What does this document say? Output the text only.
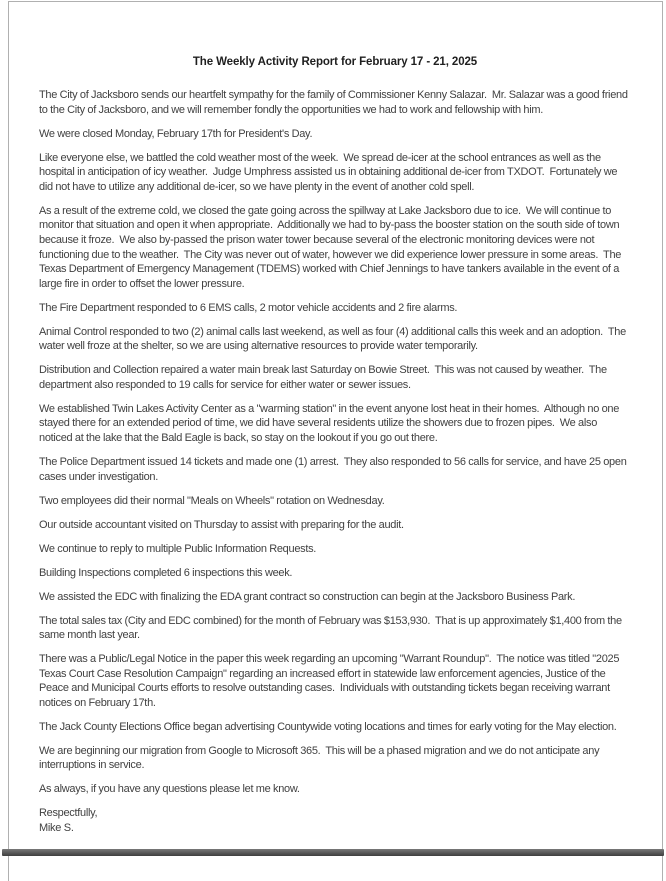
The Weekly Activity Report for February 17 - 21, 2025

The City of Jacksboro sends our heartfelt sympathy for the family of Commissioner Kenny Salazar.  Mr. Salazar was a good friend to the City of Jacksboro, and we will remember fondly the opportunities we had to work and fellowship with him.

We were closed Monday, February 17th for President's Day.

Like everyone else, we battled the cold weather most of the week.  We spread de-icer at the school entrances as well as the hospital in anticipation of icy weather.  Judge Umphress assisted us in obtaining additional de-icer from TXDOT.  Fortunately we did not have to utilize any additional de-icer, so we have plenty in the event of another cold spell.

As a result of the extreme cold, we closed the gate going across the spillway at Lake Jacksboro due to ice.  We will continue to monitor that situation and open it when appropriate.  Additionally we had to by-pass the booster station on the south side of town because it froze.  We also by-passed the prison water tower because several of the electronic monitoring devices were not functioning due to the weather.  The City was never out of water, however we did experience lower pressure in some areas.  The Texas Department of Emergency Management (TDEMS) worked with Chief Jennings to have tankers available in the event of a large fire in order to offset the lower pressure.

The Fire Department responded to 6 EMS calls, 2 motor vehicle accidents and 2 fire alarms.

Animal Control responded to two (2) animal calls last weekend, as well as four (4) additional calls this week and an adoption.  The water well froze at the shelter, so we are using alternative resources to provide water temporarily.

Distribution and Collection repaired a water main break last Saturday on Bowie Street.  This was not caused by weather.  The department also responded to 19 calls for service for either water or sewer issues.

We established Twin Lakes Activity Center as a "warming station" in the event anyone lost heat in their homes.  Although no one stayed there for an extended period of time, we did have several residents utilize the showers due to frozen pipes.  We also noticed at the lake that the Bald Eagle is back, so stay on the lookout if you go out there.

The Police Department issued 14 tickets and made one (1) arrest.  They also responded to 56 calls for service, and have 25 open cases under investigation.

Two employees did their normal "Meals on Wheels" rotation on Wednesday.

Our outside accountant visited on Thursday to assist with preparing for the audit.

We continue to reply to multiple Public Information Requests.

Building Inspections completed 6 inspections this week.

We assisted the EDC with finalizing the EDA grant contract so construction can begin at the Jacksboro Business Park.

The total sales tax (City and EDC combined) for the month of February was $153,930.  That is up approximately $1,400 from the same month last year.

There was a Public/Legal Notice in the paper this week regarding an upcoming "Warrant Roundup".  The notice was titled "2025 Texas Court Case Resolution Campaign" regarding an increased effort in statewide law enforcement agencies, Justice of the Peace and Municipal Courts efforts to resolve outstanding cases.  Individuals with outstanding tickets began receiving warrant notices on February 17th.

The Jack County Elections Office began advertising Countywide voting locations and times for early voting for the May election.

We are beginning our migration from Google to Microsoft 365.  This will be a phased migration and we do not anticipate any interruptions in service.

As always, if you have any questions please let me know.

Respectfully,
Mike S.
